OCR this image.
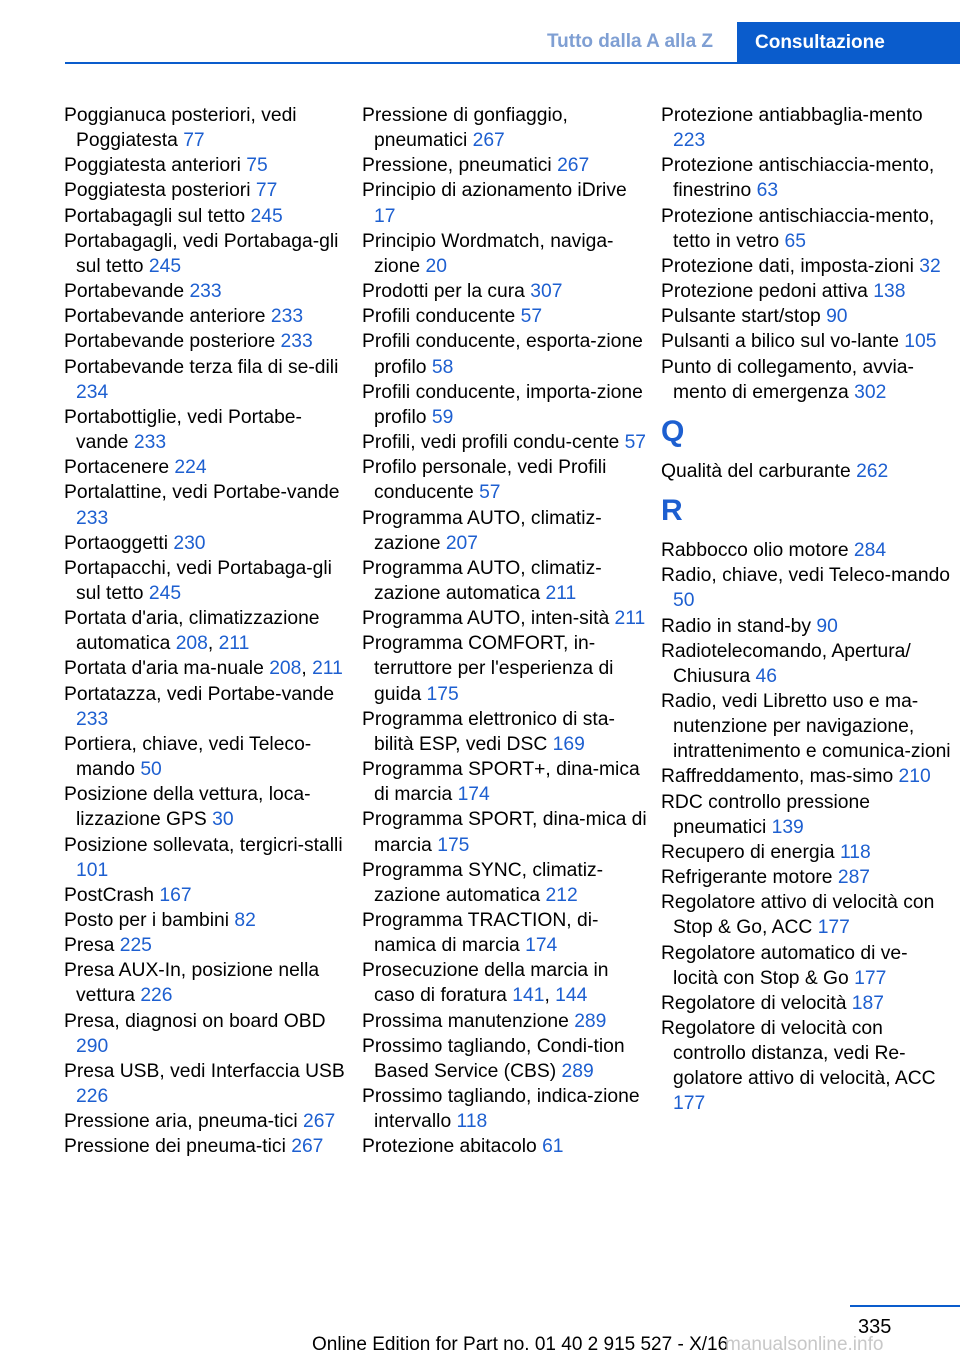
Tutto dalla A alla Z	Consultazione
Poggianuca posteriori, vedi Poggiatesta 77
Poggiatesta anteriori 75
Poggiatesta posteriori 77
Portabagagli sul tetto 245
Portabagagli, vedi Portabaga-gli sul tetto 245
Portabevande 233
Portabevande anteriore 233
Portabevande posteriore 233
Portabevande terza fila di se-dili 234
Portabottiglie, vedi Portabe-vande 233
Portacenere 224
Portalattine, vedi Portabe-vande 233
Portaoggetti 230
Portapacchi, vedi Portabaga-gli sul tetto 245
Portata d'aria, climatizzazione automatica 208, 211
Portata d'aria ma-nuale 208, 211
Portatazza, vedi Portabe-vande 233
Portiera, chiave, vedi Teleco-mando 50
Posizione della vettura, loca-lizzazione GPS 30
Posizione sollevata, tergicri-stalli 101
PostCrash 167
Posto per i bambini 82
Presa 225
Presa AUX-In, posizione nella vettura 226
Presa, diagnosi on board OBD 290
Presa USB, vedi Interfaccia USB 226
Pressione aria, pneuma-tici 267
Pressione dei pneuma-tici 267
Pressione di gonfiaggio, pneumatici 267
Pressione, pneumatici 267
Principio di azionamento iDrive 17
Principio Wordmatch, naviga-zione 20
Prodotti per la cura 307
Profili conducente 57
Profili conducente, esporta-zione profilo 58
Profili conducente, importa-zione profilo 59
Profili, vedi profili condu-cente 57
Profilo personale, vedi Profili conducente 57
Programma AUTO, climatiz-zazione 207
Programma AUTO, climatiz-zazione automatica 211
Programma AUTO, inten-sità 211
Programma COMFORT, in-terruttore per l'esperienza di guida 175
Programma elettronico di sta-bilità ESP, vedi DSC 169
Programma SPORT+, dina-mica di marcia 174
Programma SPORT, dina-mica di marcia 175
Programma SYNC, climatiz-zazione automatica 212
Programma TRACTION, di-namica di marcia 174
Prosecuzione della marcia in caso di foratura 141, 144
Prossima manutenzione 289
Prossimo tagliando, Condi-tion Based Service (CBS) 289
Prossimo tagliando, indica-zione intervallo 118
Protezione abitacolo 61
Protezione antiabbaglia-mento 223
Protezione antischiaccia-mento, finestrino 63
Protezione antischiaccia-mento, tetto in vetro 65
Protezione dati, imposta-zioni 32
Protezione pedoni attiva 138
Pulsante start/stop 90
Pulsanti a bilico sul vo-lante 105
Punto di collegamento, avvia-mento di emergenza 302
Q
Qualità del carburante 262
R
Rabbocco olio motore 284
Radio, chiave, vedi Teleco-mando 50
Radio in stand-by 90
Radiotelecomando, Apertura/ Chiusura 46
Radio, vedi Libretto uso e ma-nutenzione per navigazione, intrattenimento e comunica-zioni
Raffreddamento, mas-simo 210
RDC controllo pressione pneumatici 139
Recupero di energia 118
Refrigerante motore 287
Regolatore attivo di velocità con Stop & Go, ACC 177
Regolatore automatico di ve-locità con Stop & Go 177
Regolatore di velocità 187
Regolatore di velocità con controllo distanza, vedi Re-golatore attivo di velocità, ACC 177
335
Online Edition for Part no. 01 40 2 915 527 - X/16
manualsonline.info
